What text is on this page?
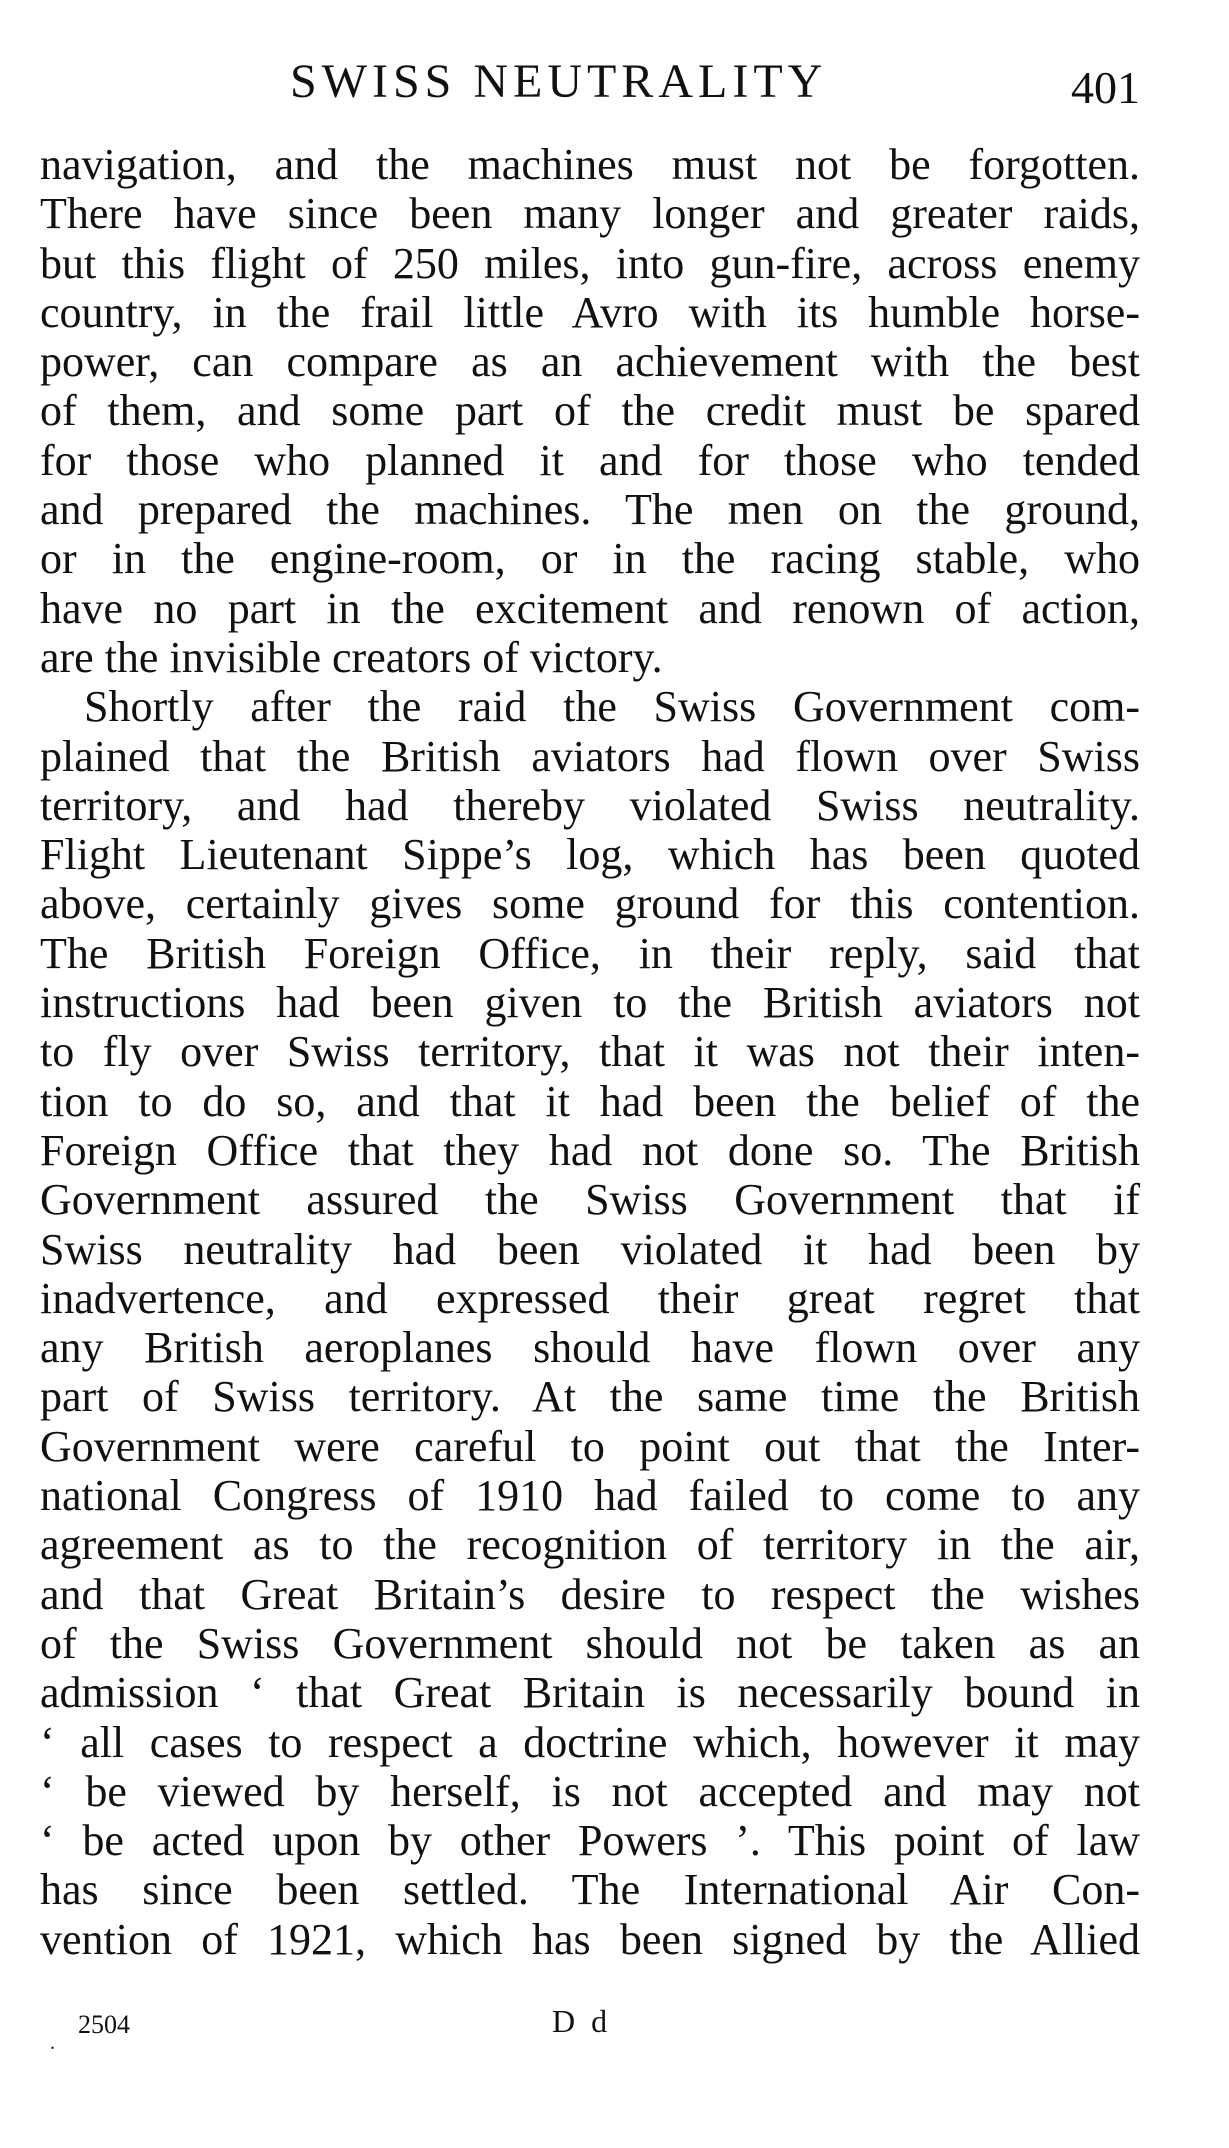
SWISS NEUTRALITY	401
navigation, and the machines must not be forgotten.
There have since been many longer and greater raids,
but this flight of 250 miles, into gun-fire, across enemy
country, in the frail little Avro with its humble horse-
power, can compare as an achievement with the best
of them, and some part of the credit must be spared
for those who planned it and for those who tended
and prepared the machines. The men on the ground,
or in the engine-room, or in the racing stable, who
have no part in the excitement and renown of action,
are the invisible creators of victory.
Shortly after the raid the Swiss Government com-
plained that the British aviators had flown over Swiss
territory, and had thereby violated Swiss neutrality.
Flight Lieutenant Sippe’s log, which has been quoted
above, certainly gives some ground for this contention.
The British Foreign Office, in their reply, said that
instructions had been given to the British aviators not
to fly over Swiss territory, that it was not their inten-
tion to do so, and that it had been the belief of the
Foreign Office that they had not done so. The British
Government assured the Swiss Government that if
Swiss neutrality had been violated it had been by
inadvertence, and expressed their great regret that
any British aeroplanes should have flown over any
part of Swiss territory. At the same time the British
Government were careful to point out that the Inter-
national Congress of 1910 had failed to come to any
agreement as to the recognition of territory in the air,
and that Great Britain’s desire to respect the wishes
of the Swiss Government should not be taken as an
admission ‘ that Great Britain is necessarily bound in
‘ all cases to respect a doctrine which, however it may
‘ be viewed by herself, is not accepted and may not
‘ be acted upon by other Powers ’. This point of law
has since been settled. The International Air Con-
vention of 1921, which has been signed by the Allied
.
2504	D d
